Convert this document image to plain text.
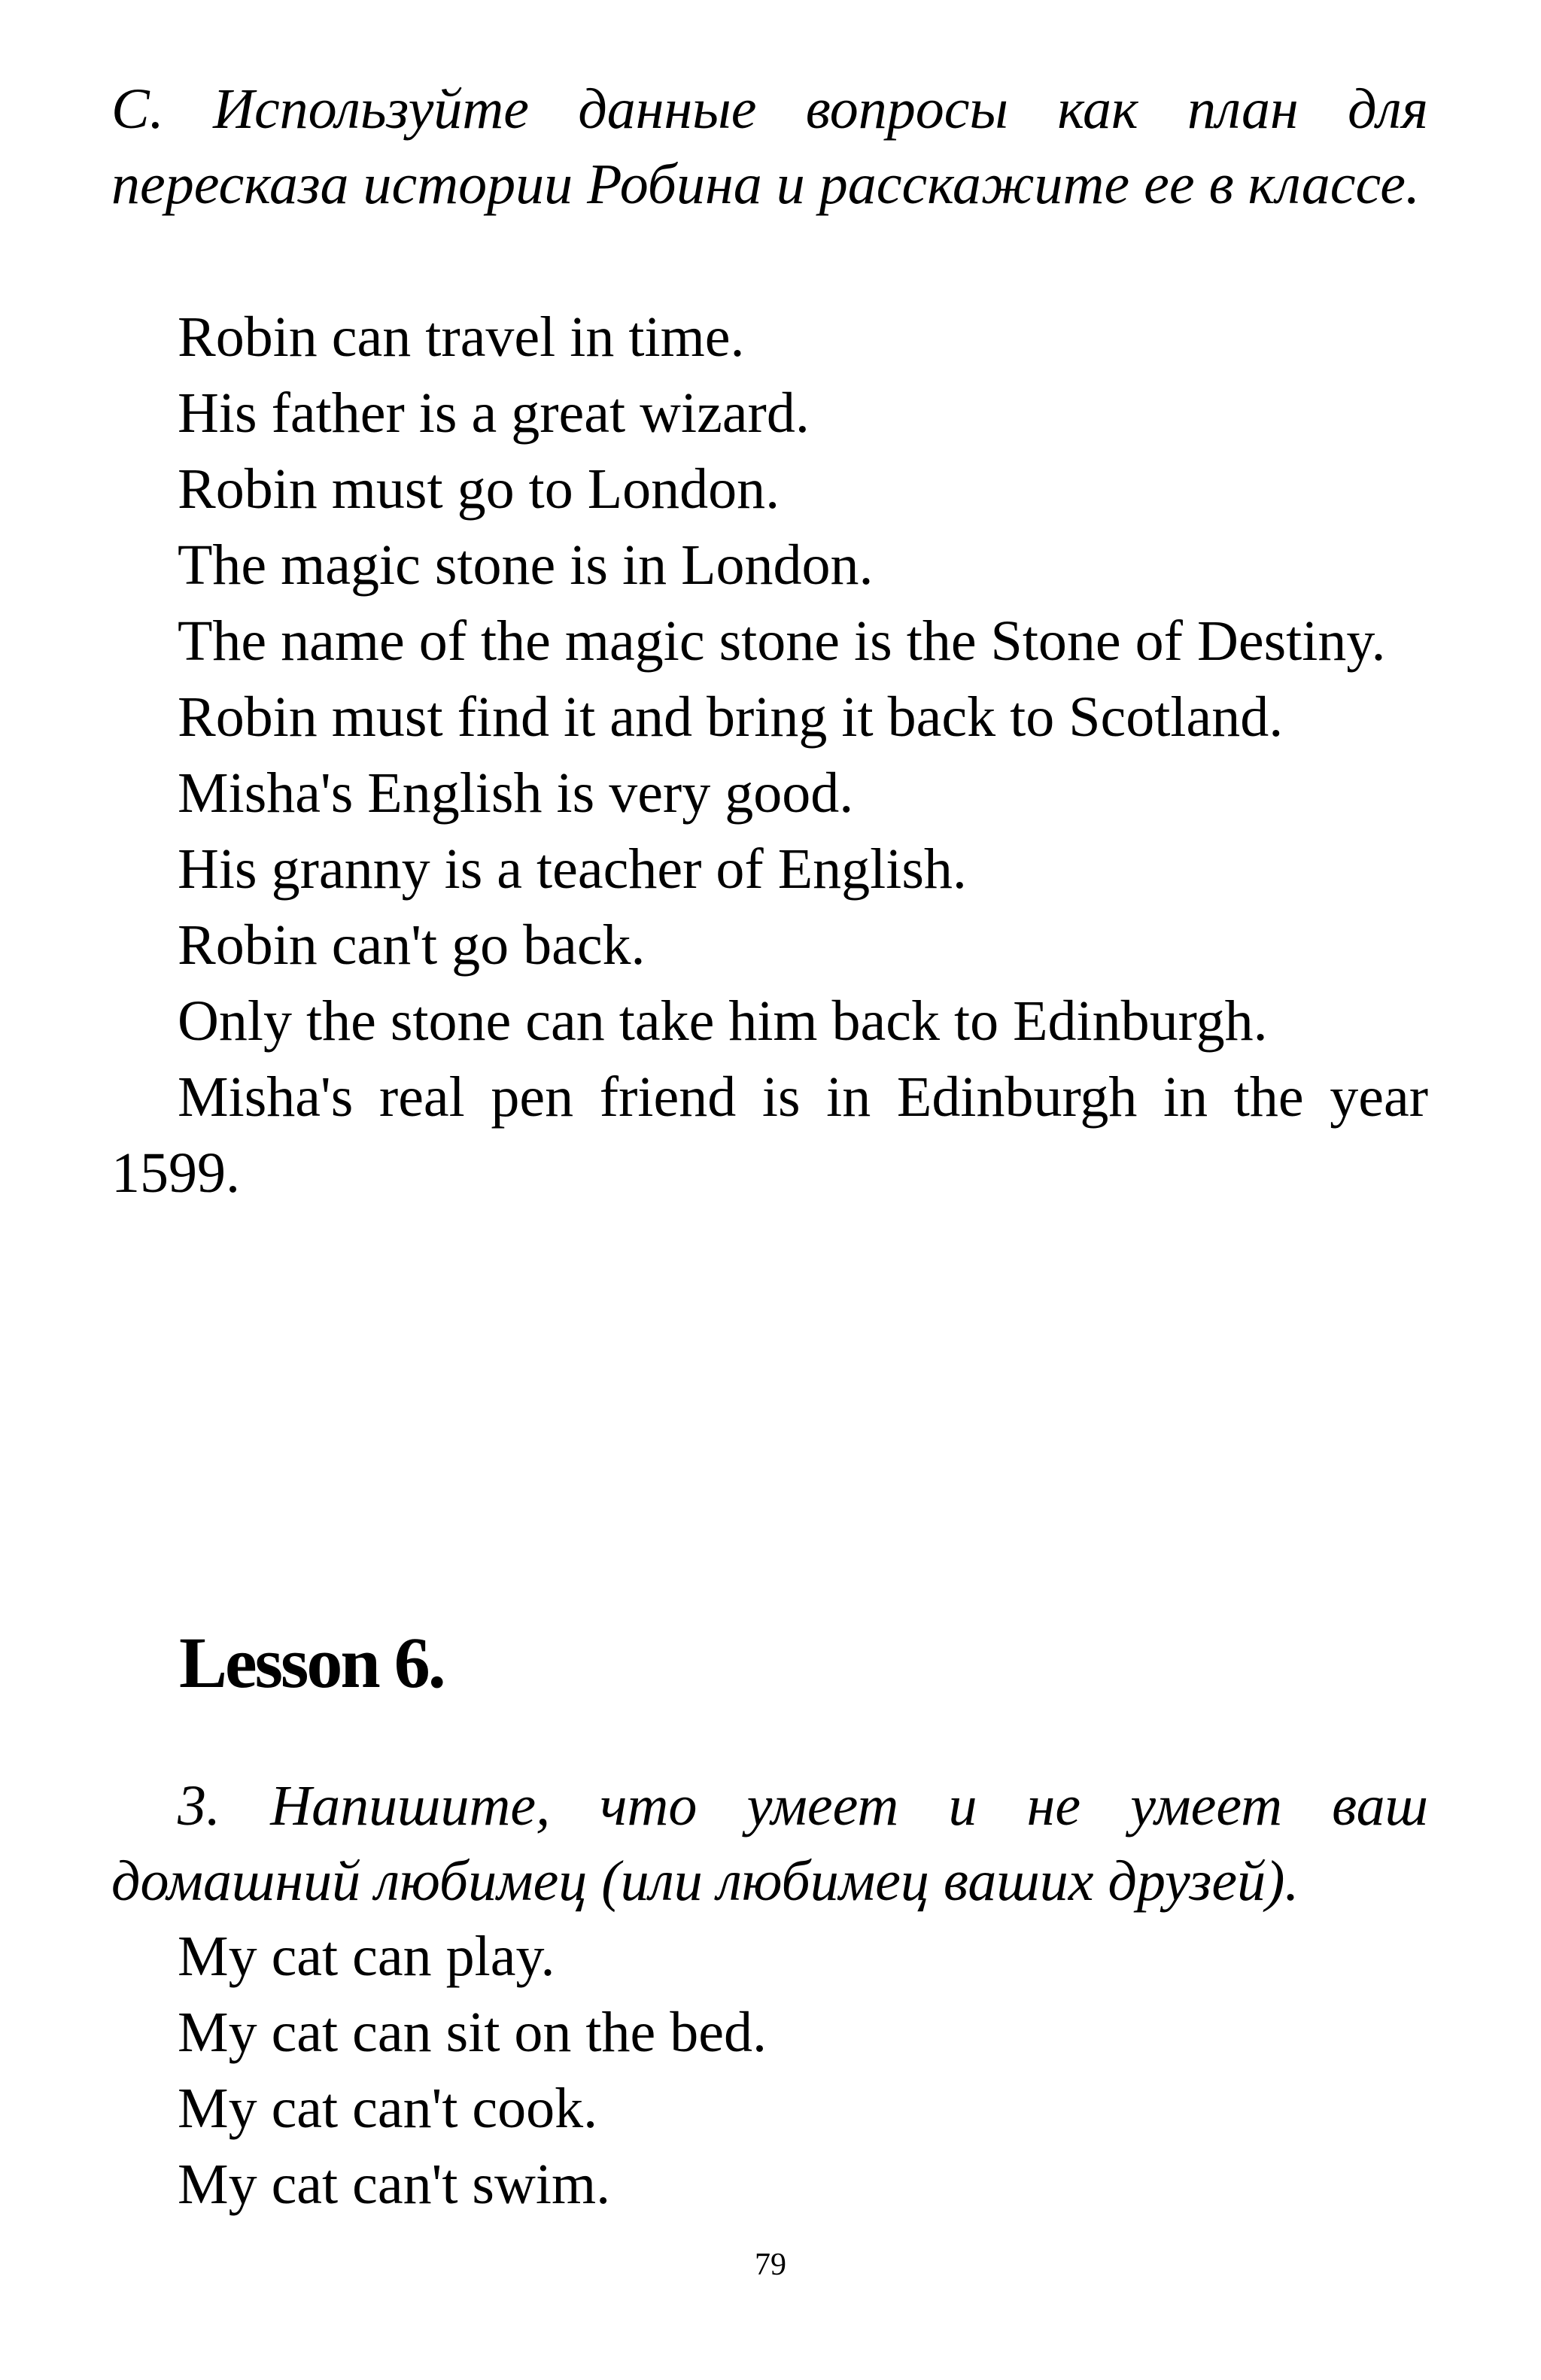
С. Используйте данные вопросы как план для пересказа истории Робина и расскажите ее в классе.

Robin can travel in time.

His father is a great wizard.

Robin must go to London.

The magic stone is in London.

The name of the magic stone is the Stone of Destiny.

Robin must find it and bring it back to Scotland.

Misha's English is very good.

His granny is a teacher of English.

Robin can't go back.

Only the stone can take him back to Edinburgh.

Misha's real pen friend is in Edinburgh in the year 1599.

Lesson 6.

3. Напишите, что умеет и не умеет ваш домашний любимец (или любимец ваших друзей).

My cat can play.

My cat can sit on the bed.

My cat can't cook.

My cat can't swim.

79
